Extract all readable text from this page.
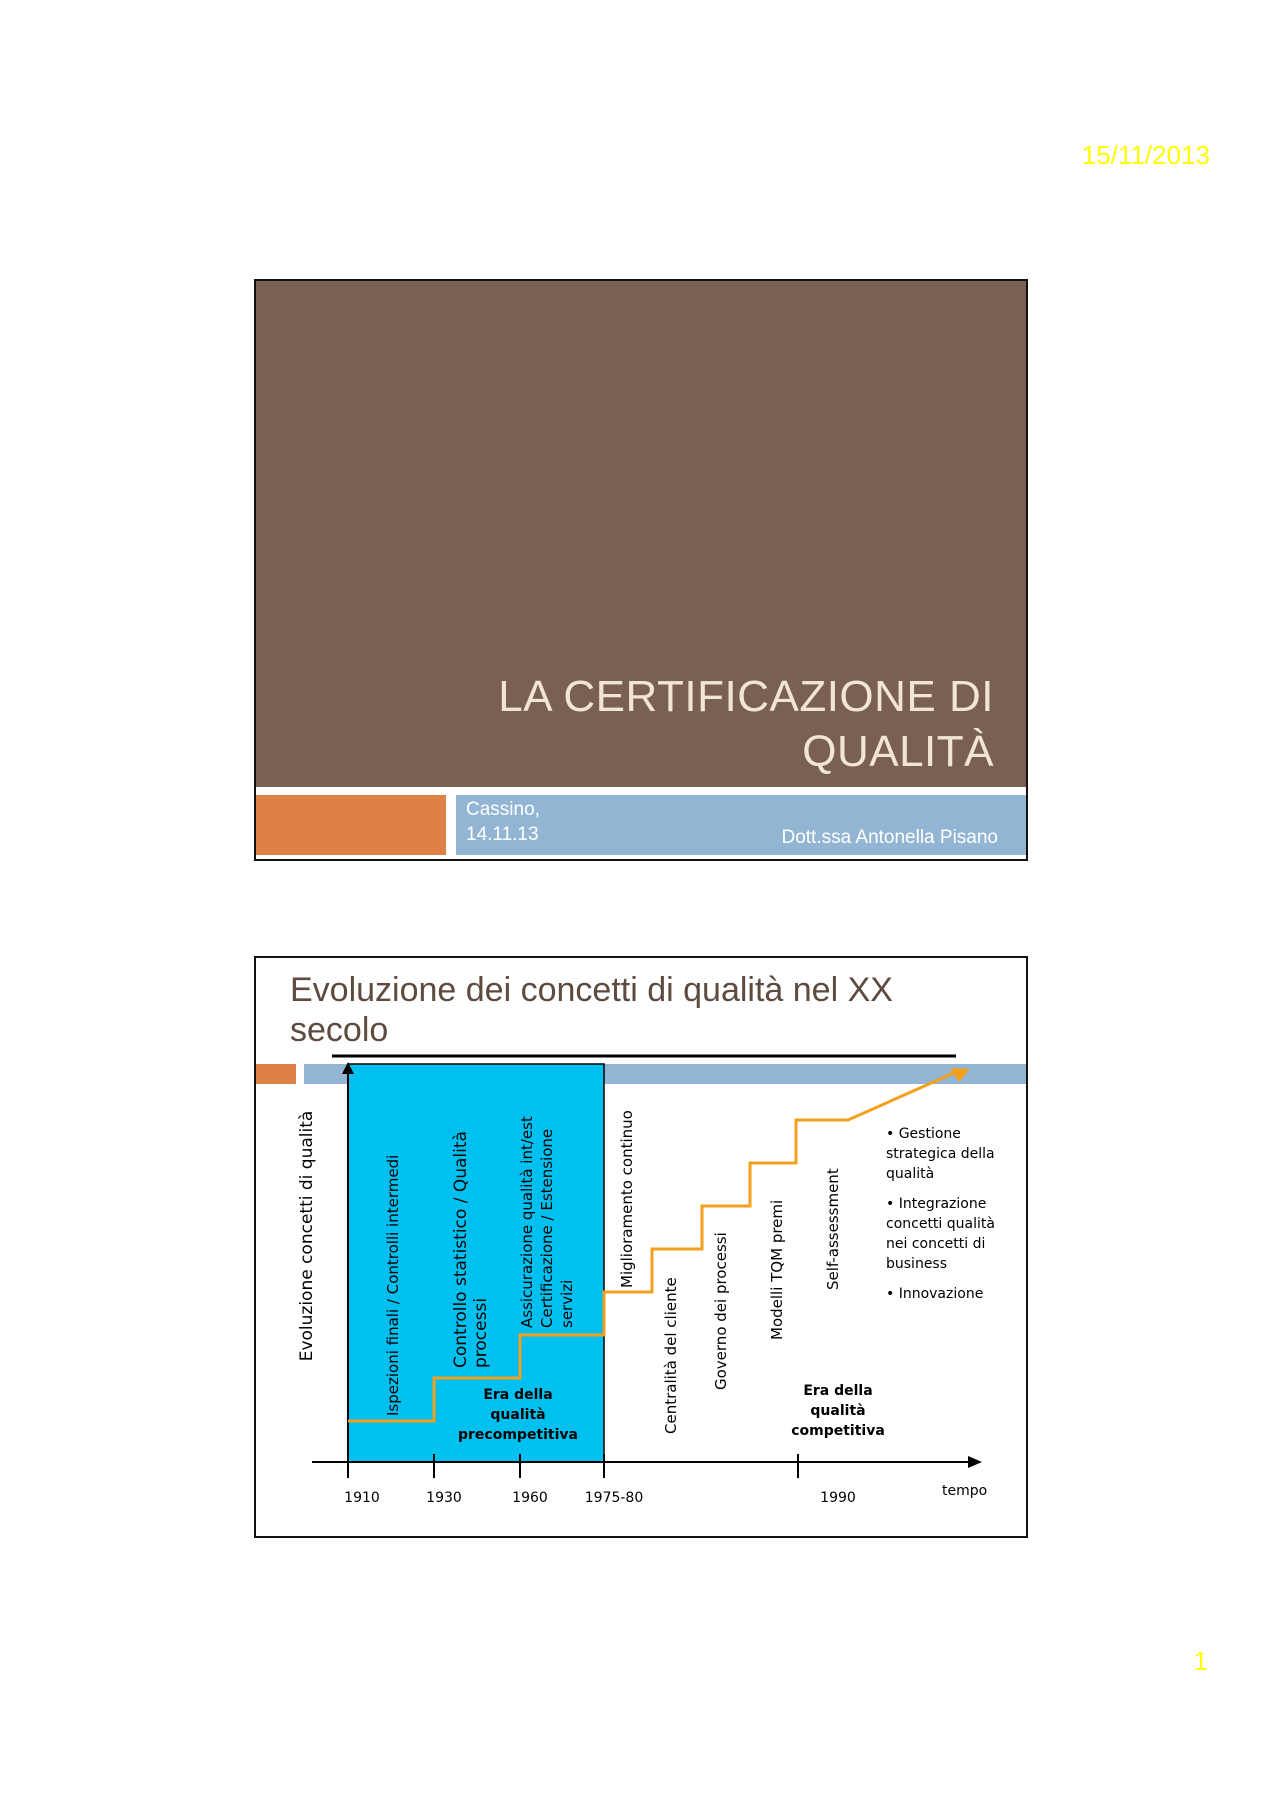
15/11/2013
LA CERTIFICAZIONE DI
QUALITÀ
Cassino,
14.11.13	Dott.ssa Antonella Pisano
Evoluzione dei concetti di qualità nel XX
secolo
1910	1930	1960	1975-80	1990
Evoluzione concetti di qualità
tempo
Ispezioni finali / Controlli intermedi	Controllo statistico / Qualità processi
Assicurazione qualità int/est Certificazione / Estensione servizi
Miglioramento continuo
Centralità del cliente Governo dei processi	Modelli TQM premi	Self-assessment
Era della
qualità
precompetitiva
Era della
qualità
competitiva
• Gestione
strategica della
qualità
• Integrazione
concetti qualità
nei concetti di
business
• Innovazione
1
